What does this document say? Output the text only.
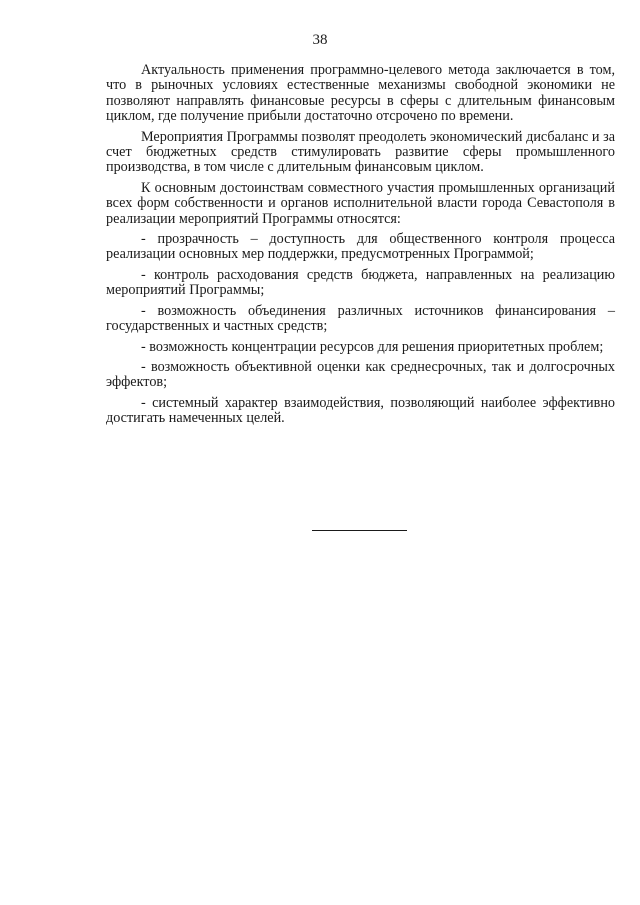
38

Актуальность применения программно-целевого метода заключается в том, что в рыночных условиях естественные механизмы свободной экономики не позволяют направлять финансовые ресурсы в сферы с длительным финансовым циклом, где получение прибыли достаточно отсрочено по времени.

Мероприятия Программы позволят преодолеть экономический дисбаланс и за счет бюджетных средств стимулировать развитие сферы промышленного производства, в том числе с длительным финансовым циклом.

К основным достоинствам совместного участия промышленных организаций всех форм собственности и органов исполнительной власти города Севастополя в реализации мероприятий Программы относятся:

- прозрачность – доступность для общественного контроля процесса реализации основных мер поддержки, предусмотренных Программой;

- контроль расходования средств бюджета, направленных на реализацию мероприятий Программы;

- возможность объединения различных источников финансирования – государственных и частных средств;

- возможность концентрации ресурсов для решения приоритетных проблем;

- возможность объективной оценки как среднесрочных, так и долгосрочных эффектов;

- системный характер взаимодействия, позволяющий наиболее эффективно достигать намеченных целей.
